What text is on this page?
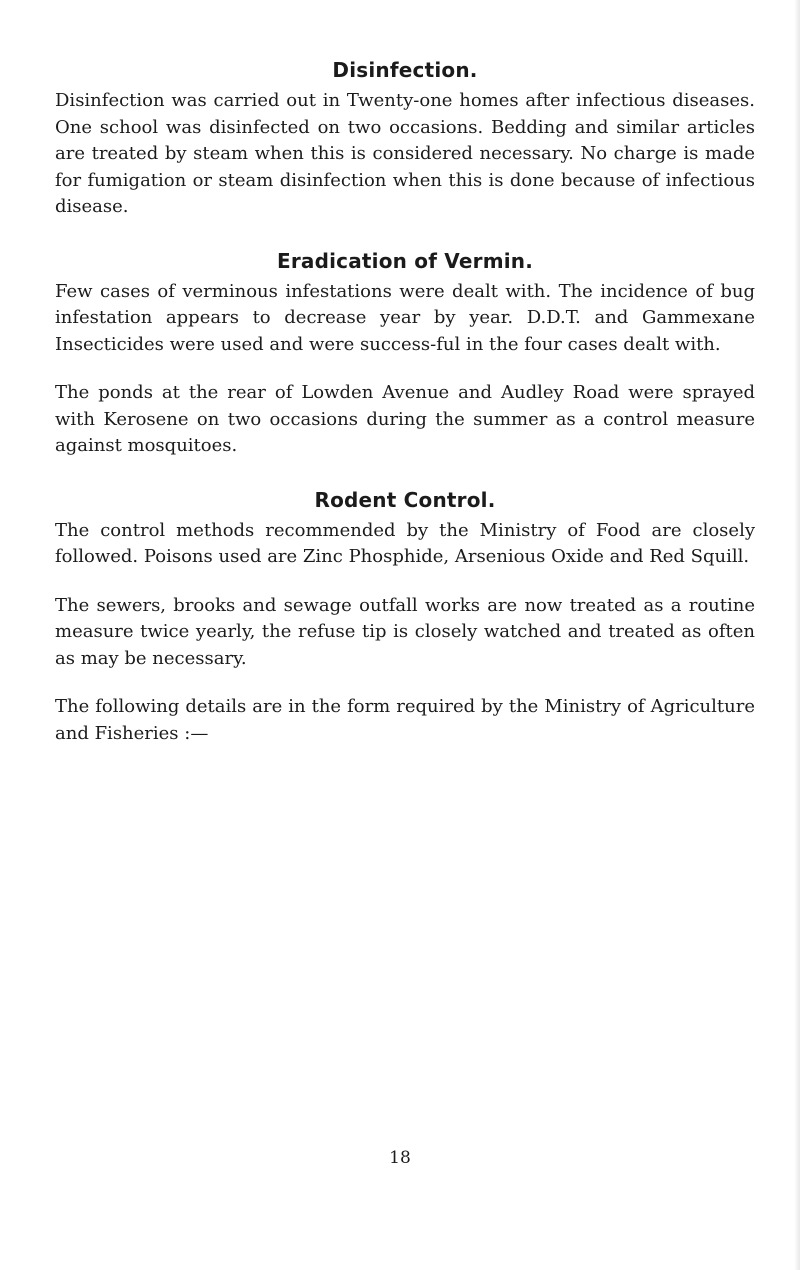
Disinfection.

Disinfection was carried out in Twenty-one homes after infectious diseases. One school was disinfected on two occasions. Bedding and similar articles are treated by steam when this is considered necessary. No charge is made for fumigation or steam disinfection when this is done because of infectious disease.

Eradication of Vermin.

Few cases of verminous infestations were dealt with. The incidence of bug infestation appears to decrease year by year. D.D.T. and Gammexane Insecticides were used and were success-ful in the four cases dealt with.

The ponds at the rear of Lowden Avenue and Audley Road were sprayed with Kerosene on two occasions during the summer as a control measure against mosquitoes.

Rodent Control.

The control methods recommended by the Ministry of Food are closely followed. Poisons used are Zinc Phosphide, Arsenious Oxide and Red Squill.

The sewers, brooks and sewage outfall works are now treated as a routine measure twice yearly, the refuse tip is closely watched and treated as often as may be necessary.

The following details are in the form required by the Ministry of Agriculture and Fisheries :—

18
